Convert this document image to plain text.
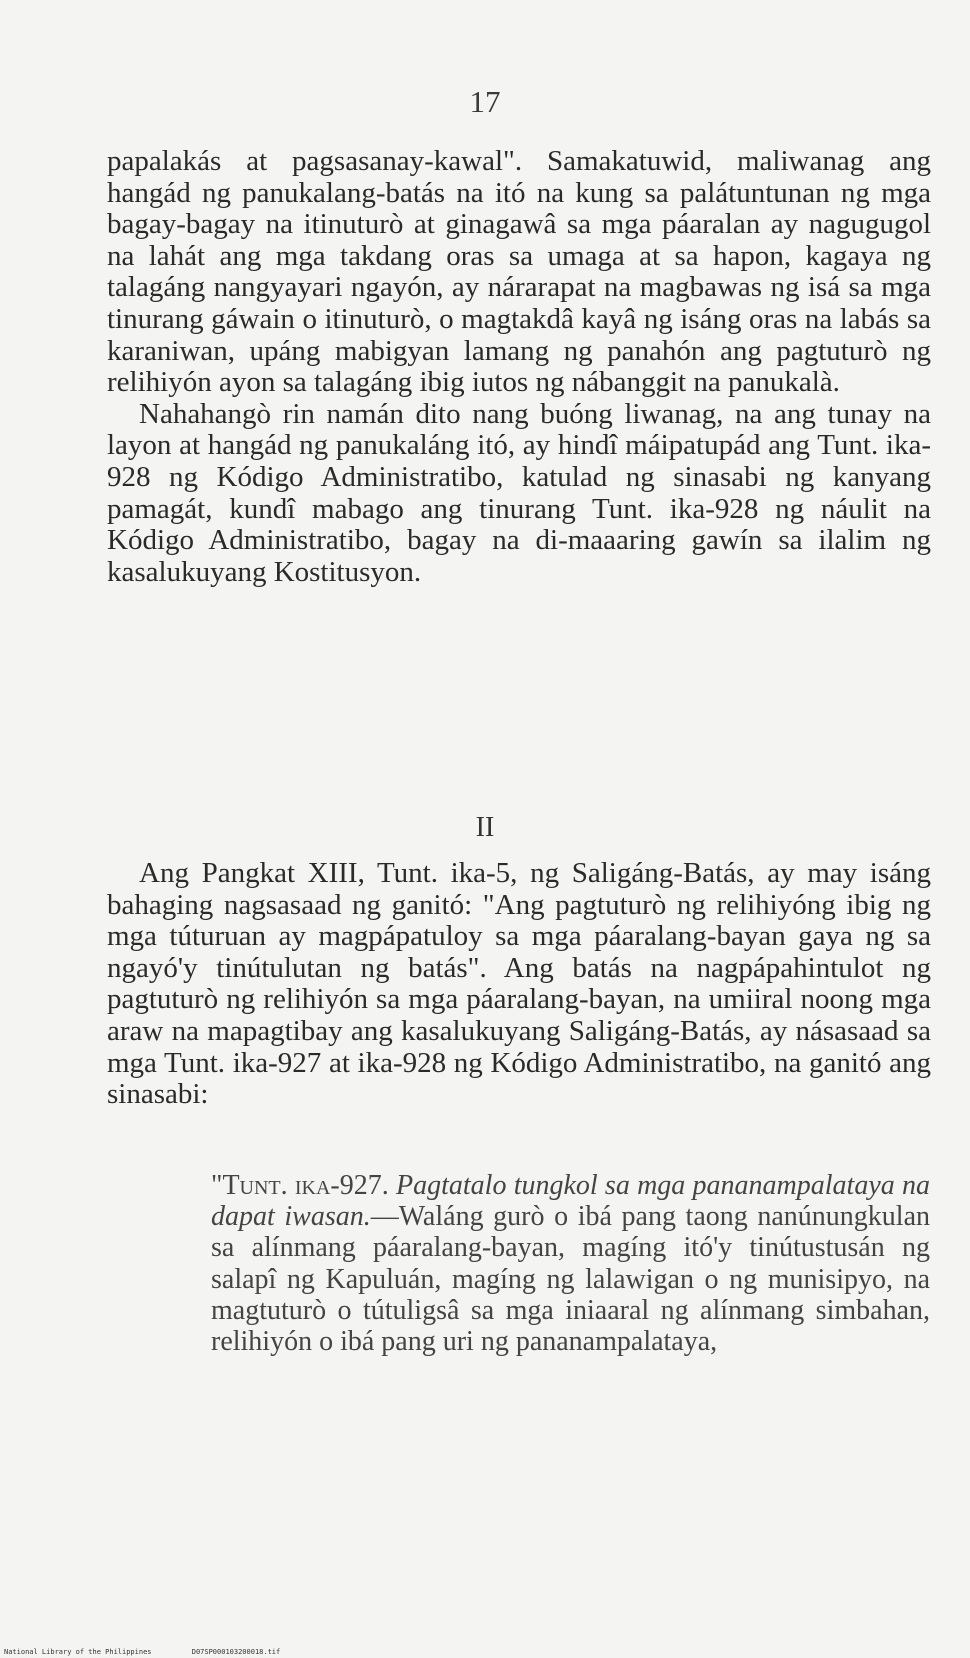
17

papalakás at pagsasanay-kawal". Samakatuwid, maliwanag ang hangád ng panukalang-batás na itó na kung sa palátuntunan ng mga bagay-bagay na itinuturò at ginagawâ sa mga páaralan ay nagugugol na lahát ang mga takdang oras sa umaga at sa hapon, kagaya ng talagáng nangyayari ngayón, ay nárarapat na magbawas ng isá sa mga tinurang gáwain o itinuturò, o magtakdâ kayâ ng isáng oras na labás sa karaniwan, upáng mabigyan lamang ng panahón ang pagtuturò ng relihiyón ayon sa talagáng ibig iutos ng nábanggit na panukalà.

Nahahangò rin namán dito nang buóng liwanag, na ang tunay na layon at hangád ng panukaláng itó, ay hindî máipatupád ang Tunt. ika-928 ng Kódigo Administratibo, katulad ng sinasabi ng kanyang pamagát, kundî mabago ang tinurang Tunt. ika-928 ng náulit na Kódigo Administratibo, bagay na di-maaaring gawín sa ilalim ng kasalukuyang Kostitusyon.

II
Ang Pangkat XIII, Tunt. ika-5, ng Saligáng-Batás, ay may isáng bahaging nagsasaad ng ganitó: "Ang pagtuturò ng relihiyóng ibig ng mga túturuan ay magpápatuloy sa mga páaralang-bayan gaya ng sa ngayó'y tinútulutan ng batás". Ang batás na nagpápahintulot ng pagtuturò ng relihiyón sa mga páaralang-bayan, na umiiral noong mga araw na mapagtibay ang kasalukuyang Saligáng-Batás, ay násasaad sa mga Tunt. ika-927 at ika-928 ng Kódigo Administratibo, na ganitó ang sinasabi:
"Tunt. ika-927. Pagtatalo tungkol sa mga pananampalataya na dapat iwasan.—Waláng gurò o ibá pang taong nanúnungkulan sa alínmang páaralang-bayan, magíng itó'y tinútustusán ng salapî ng Kapuluán, magíng ng lalawigan o ng munisipyo, na magtuturò o tútuligsâ sa mga iniaaral ng alínmang simbahan, relihiyón o ibá pang uri ng pananampalataya,
National Library of the Philippines	D07SP000103200018.tif
